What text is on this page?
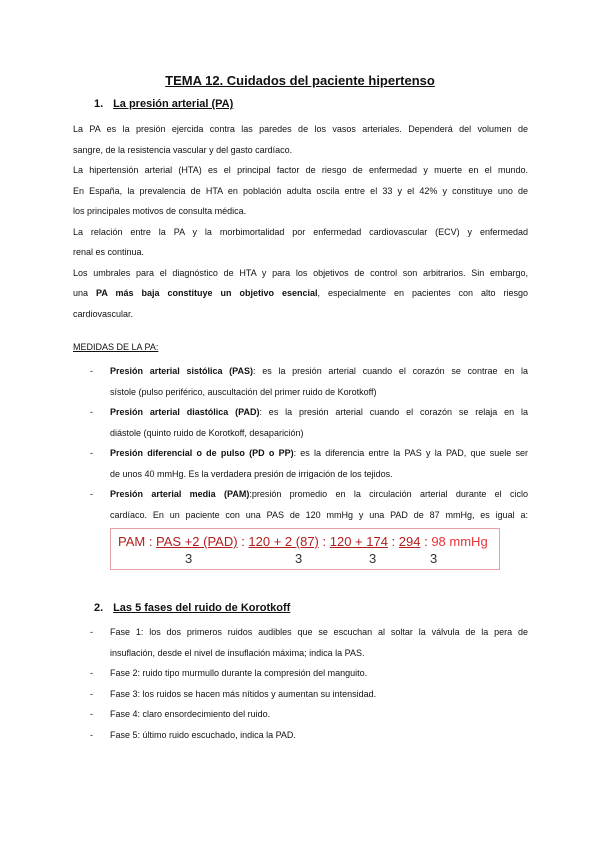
TEMA 12. Cuidados del paciente hipertenso
1. La presión arterial (PA)
La PA es la presión ejercida contra las paredes de los vasos arteriales. Dependerá del volumen de
sangre, de la resistencia vascular y del gasto cardíaco.
La hipertensión arterial (HTA) es el principal factor de riesgo de enfermedad y muerte en el mundo.
En España, la prevalencia de HTA en población adulta oscila entre el 33 y el 42% y constituye uno de
los principales motivos de consulta médica.
La relación entre la PA y la morbimortalidad por enfermedad cardiovascular (ECV) y enfermedad
renal es continua.
Los umbrales para el diagnóstico de HTA y para los objetivos de control son arbitrarios. Sin embargo,
una PA más baja constituye un objetivo esencial, especialmente en pacientes con alto riesgo
cardiovascular.
MEDIDAS DE LA PA:
-	Presión arterial sistólica (PAS): es la presión arterial cuando el corazón se contrae en la
sístole (pulso periférico, auscultación del primer ruido de Korotkoff)
-	Presión arterial diastólica (PAD): es la presión arterial cuando el corazón se relaja en la
diástole (quinto ruido de Korotkoff, desaparición)
-	Presión diferencial o de pulso (PD o PP): es la diferencia entre la PAS y la PAD, que suele ser
de unos 40 mmHg. Es la verdadera presión de irrigación de los tejidos.
-	Presión arterial media (PAM):presión promedio en la circulación arterial durante el ciclo
cardíaco. En un paciente con una PAS de 120 mmHg y una PAD de 87 mmHg, es igual a:
PAM : PAS +2 (PAD) : 120 + 2 (87) : 120 + 174 : 294 : 98 mmHg
3	3	3	3
2. Las 5 fases del ruido de Korotkoff
-	Fase 1: los dos primeros ruidos audibles que se escuchan al soltar la válvula de la pera de
insuflación, desde el nivel de insuflación máxima; indica la PAS.
-	Fase 2: ruido tipo murmullo durante la compresión del manguito.
-	Fase 3: los ruidos se hacen más nítidos y aumentan su intensidad.
-	Fase 4: claro ensordecimiento del ruido.
-	Fase 5: último ruido escuchado, indica la PAD.
